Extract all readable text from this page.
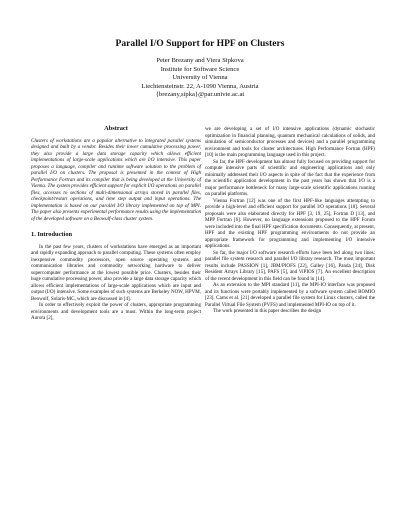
Parallel I/O Support for HPF on Clusters
Peter Brezany and Viera Sipkova
Institute for Software Science
University of Vienna
Liechtensteinstr. 22, A-1090 Vienna, Austria
{brezany,sipka}@par.univie.ac.at
Abstract

Clusters of workstations are a popular alternative to integrated parallel systems designed and built by a vendor. Besides their lower cumulative processing power, they also provide a large data storage capacity which allows efficient implementations of large-scale applications which are I/O intensive. This paper proposes a language, compiler and runtime software solution to the problem of parallel I/O on clusters. The proposal is presented in the context of High Performance Fortran and its compiler that is being developed at the University of Vienna. The system provides efficient support for explicit I/O operations on parallel files, accesses to sections of multi-dimensional arrays stored in parallel files, checkpoint/restart operations, and time step output and input operations. The implementation is based on our parallel I/O library implemented on top of MPI. The paper also presents experimental performance results using the implementation of the developed software on a Beowulf-class cluster system.

1. Introduction

In the past few years, clusters of workstations have emerged as an important and rapidly expanding approach to parallel computing. These systems often employ inexpensive commodity processors, open source operating systems and communication libraries and commodity networking hardware to deliver supercomputer performance at the lowest possible price. Clusters, besides their huge cumulative processing power, also provide a large data storage capacity which allows efficient implementations of large-scale applications which are input and output (I/O) intensive. Some examples of such systems are Berkeley NOW, HPVM, Beowulf, Solaris-MC, which are discussed in [4].

In order to effectively exploit the power of clusters, appropriate programming environments and development tools are a must. Within the long-term project Aurora [2],

we are developing a set of I/O intensive applications (dynamic stochastic optimization in financial planning, quantum mechanical calculations of solids, and simulation of semiconductor processes and devices) and a parallel programming environment and tools for cluster architectures. High Performance Fortran (HPF) [10] is the main programming language used in this project.

So far, the HPF development has almost fully focused on providing support for compute intensive parts of scientific and engineering applications and only minimally addressed their I/O aspects in spite of the fact that the experience from the scientific application development in the past years has shown that I/O is a major performance bottleneck for many large-scale scientific applications running on parallel platforms.

Vienna Fortran [12] was one of the first HPF-like languages attempting to provide a high-level and efficient support for parallel I/O operations [18]. Several proposals were also elaborated directly for HPF [3, 19, 25], Fortran D [13], and MPP Fortran [6]. However, no language extensions proposed to the HPF Forum were included into the final HPF specification documents. Consequently, at present, HPF and the existing HPF programming environments do not provide an appropriate framework for programming and implementing I/O intensive applications.

So far, the major I/O software research efforts have been led along two lines: parallel file system research and parallel I/O library research. The most important results include PASSION [1], JBM/PIOFS [22], Galley [16], Panda [24], Disk Resident Arrays Library [15], PAFS [5], and ViPIOS [7]. An excellent description of the recent development in this field can be found in [14].

As an extension to the MPI standard [11], the MPI-IO interface was proposed and its functions were portably implemented by a software system called ROMIO [23]. Carns et al. [21] developed a parallel file system for Linux clusters, called the Parallel Virtual File System (PVFS) and implemented MPI-IO on top of it.

The work presented in this paper describes the design
